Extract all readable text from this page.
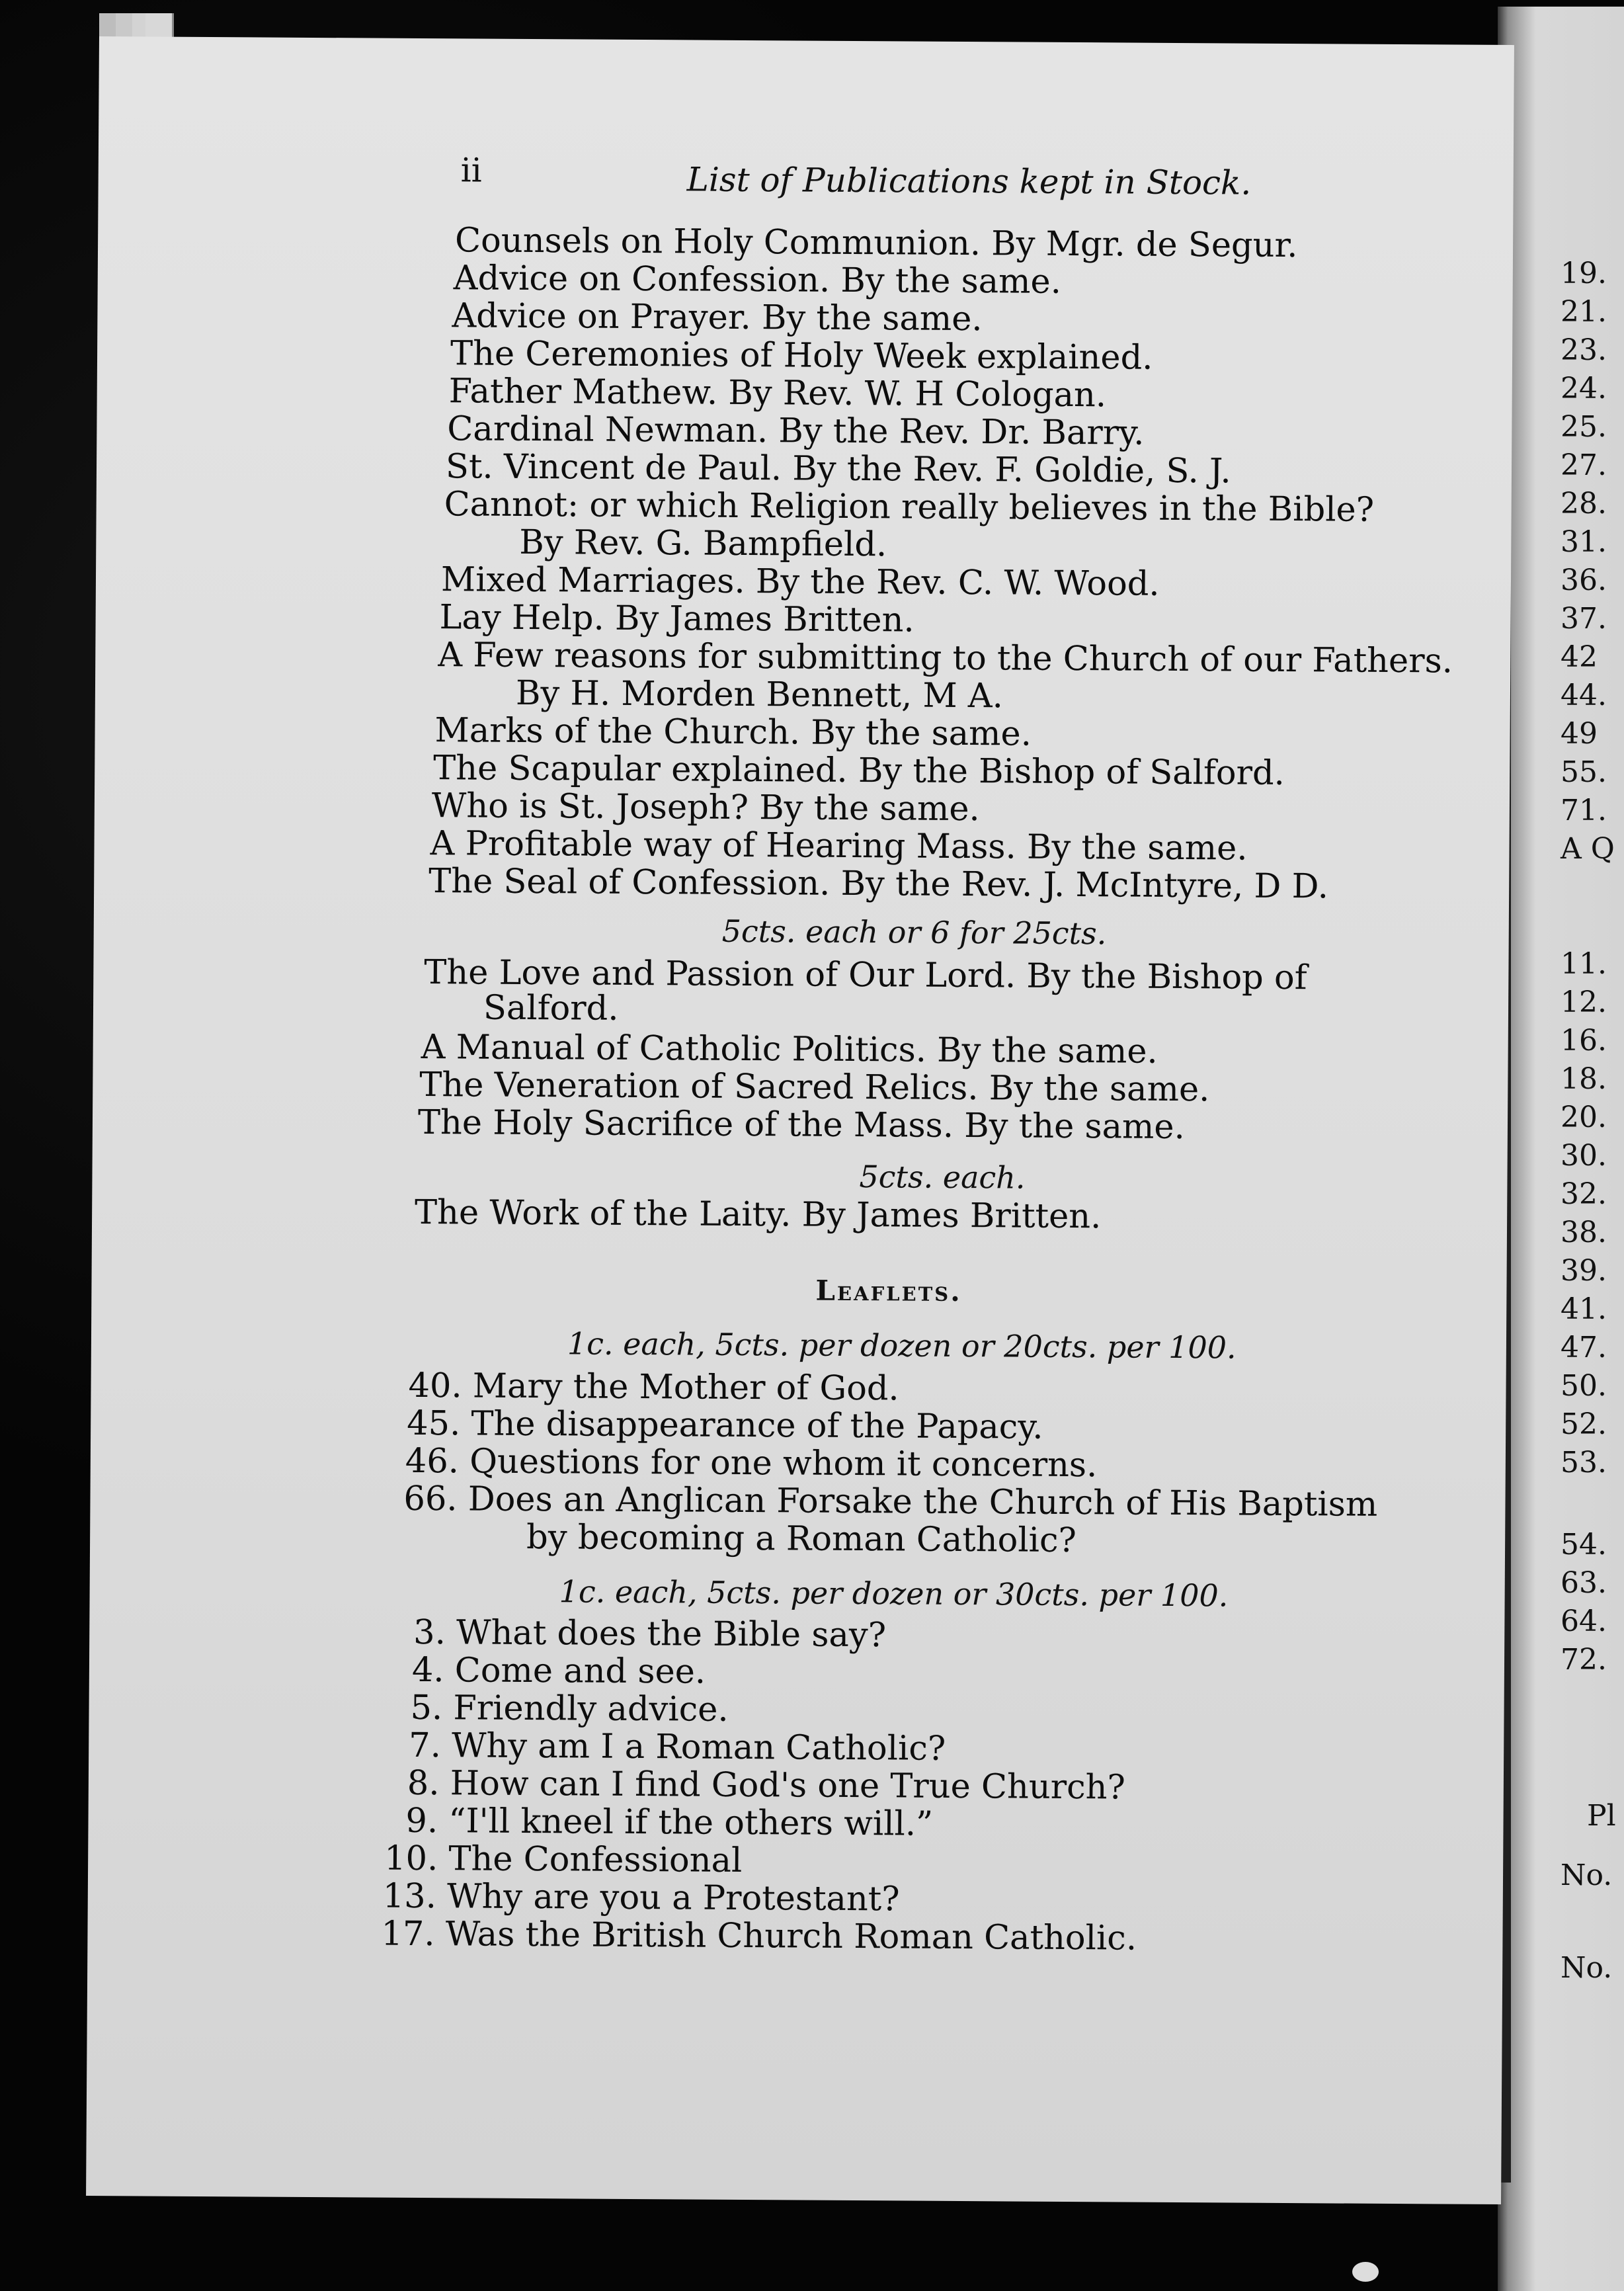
ii	List of Publications kept in Stock.
Counsels on Holy Communion. By Mgr. de Segur.
Advice on Confession. By the same.
Advice on Prayer. By the same.
The Ceremonies of Holy Week explained.
Father Mathew. By Rev. W. H Cologan.
Cardinal Newman. By the Rev. Dr. Barry.
St. Vincent de Paul. By the Rev. F. Goldie, S. J.
Cannot: or which Religion really believes in the Bible?
By Rev. G. Bampfield.
Mixed Marriages. By the Rev. C. W. Wood.
Lay Help. By James Britten.
A Few reasons for submitting to the Church of our Fathers.
By H. Morden Bennett, M A.
Marks of the Church. By the same.
The Scapular explained. By the Bishop of Salford.
Who is St. Joseph? By the same.
A Profitable way of Hearing Mass. By the same.
The Seal of Confession. By the Rev. J. McIntyre, D D.
5cts. each or 6 for 25cts.
The Love and Passion of Our Lord. By the Bishop of
Salford.
A Manual of Catholic Politics. By the same.
The Veneration of Sacred Relics. By the same.
The Holy Sacrifice of the Mass. By the same.
5cts. each.
The Work of the Laity. By James Britten.
Leaflets.
1c. each, 5cts. per dozen or 20cts. per 100.
40. Mary the Mother of God.
45. The disappearance of the Papacy.
46. Questions for one whom it concerns.
66. Does an Anglican Forsake the Church of His Baptism
by becoming a Roman Catholic?
1c. each, 5cts. per dozen or 30cts. per 100.
3. What does the Bible say?
4. Come and see.
5. Friendly advice.
7. Why am I a Roman Catholic?
8. How can I find God's one True Church?
9. “I'll kneel if the others will.”
10. The Confessional
13. Why are you a Protestant?
17. Was the British Church Roman Catholic.
19.
21.
23.
24.
25.
27.
28.
31.
36.
37.
42
44.
49
55.
71.
A Q
11.
12.
16.
18.
20.
30.
32.
38.
39.
41.
47.
50.
52.
53.
54.
63.
64.
72.
Pl
No.
No.
